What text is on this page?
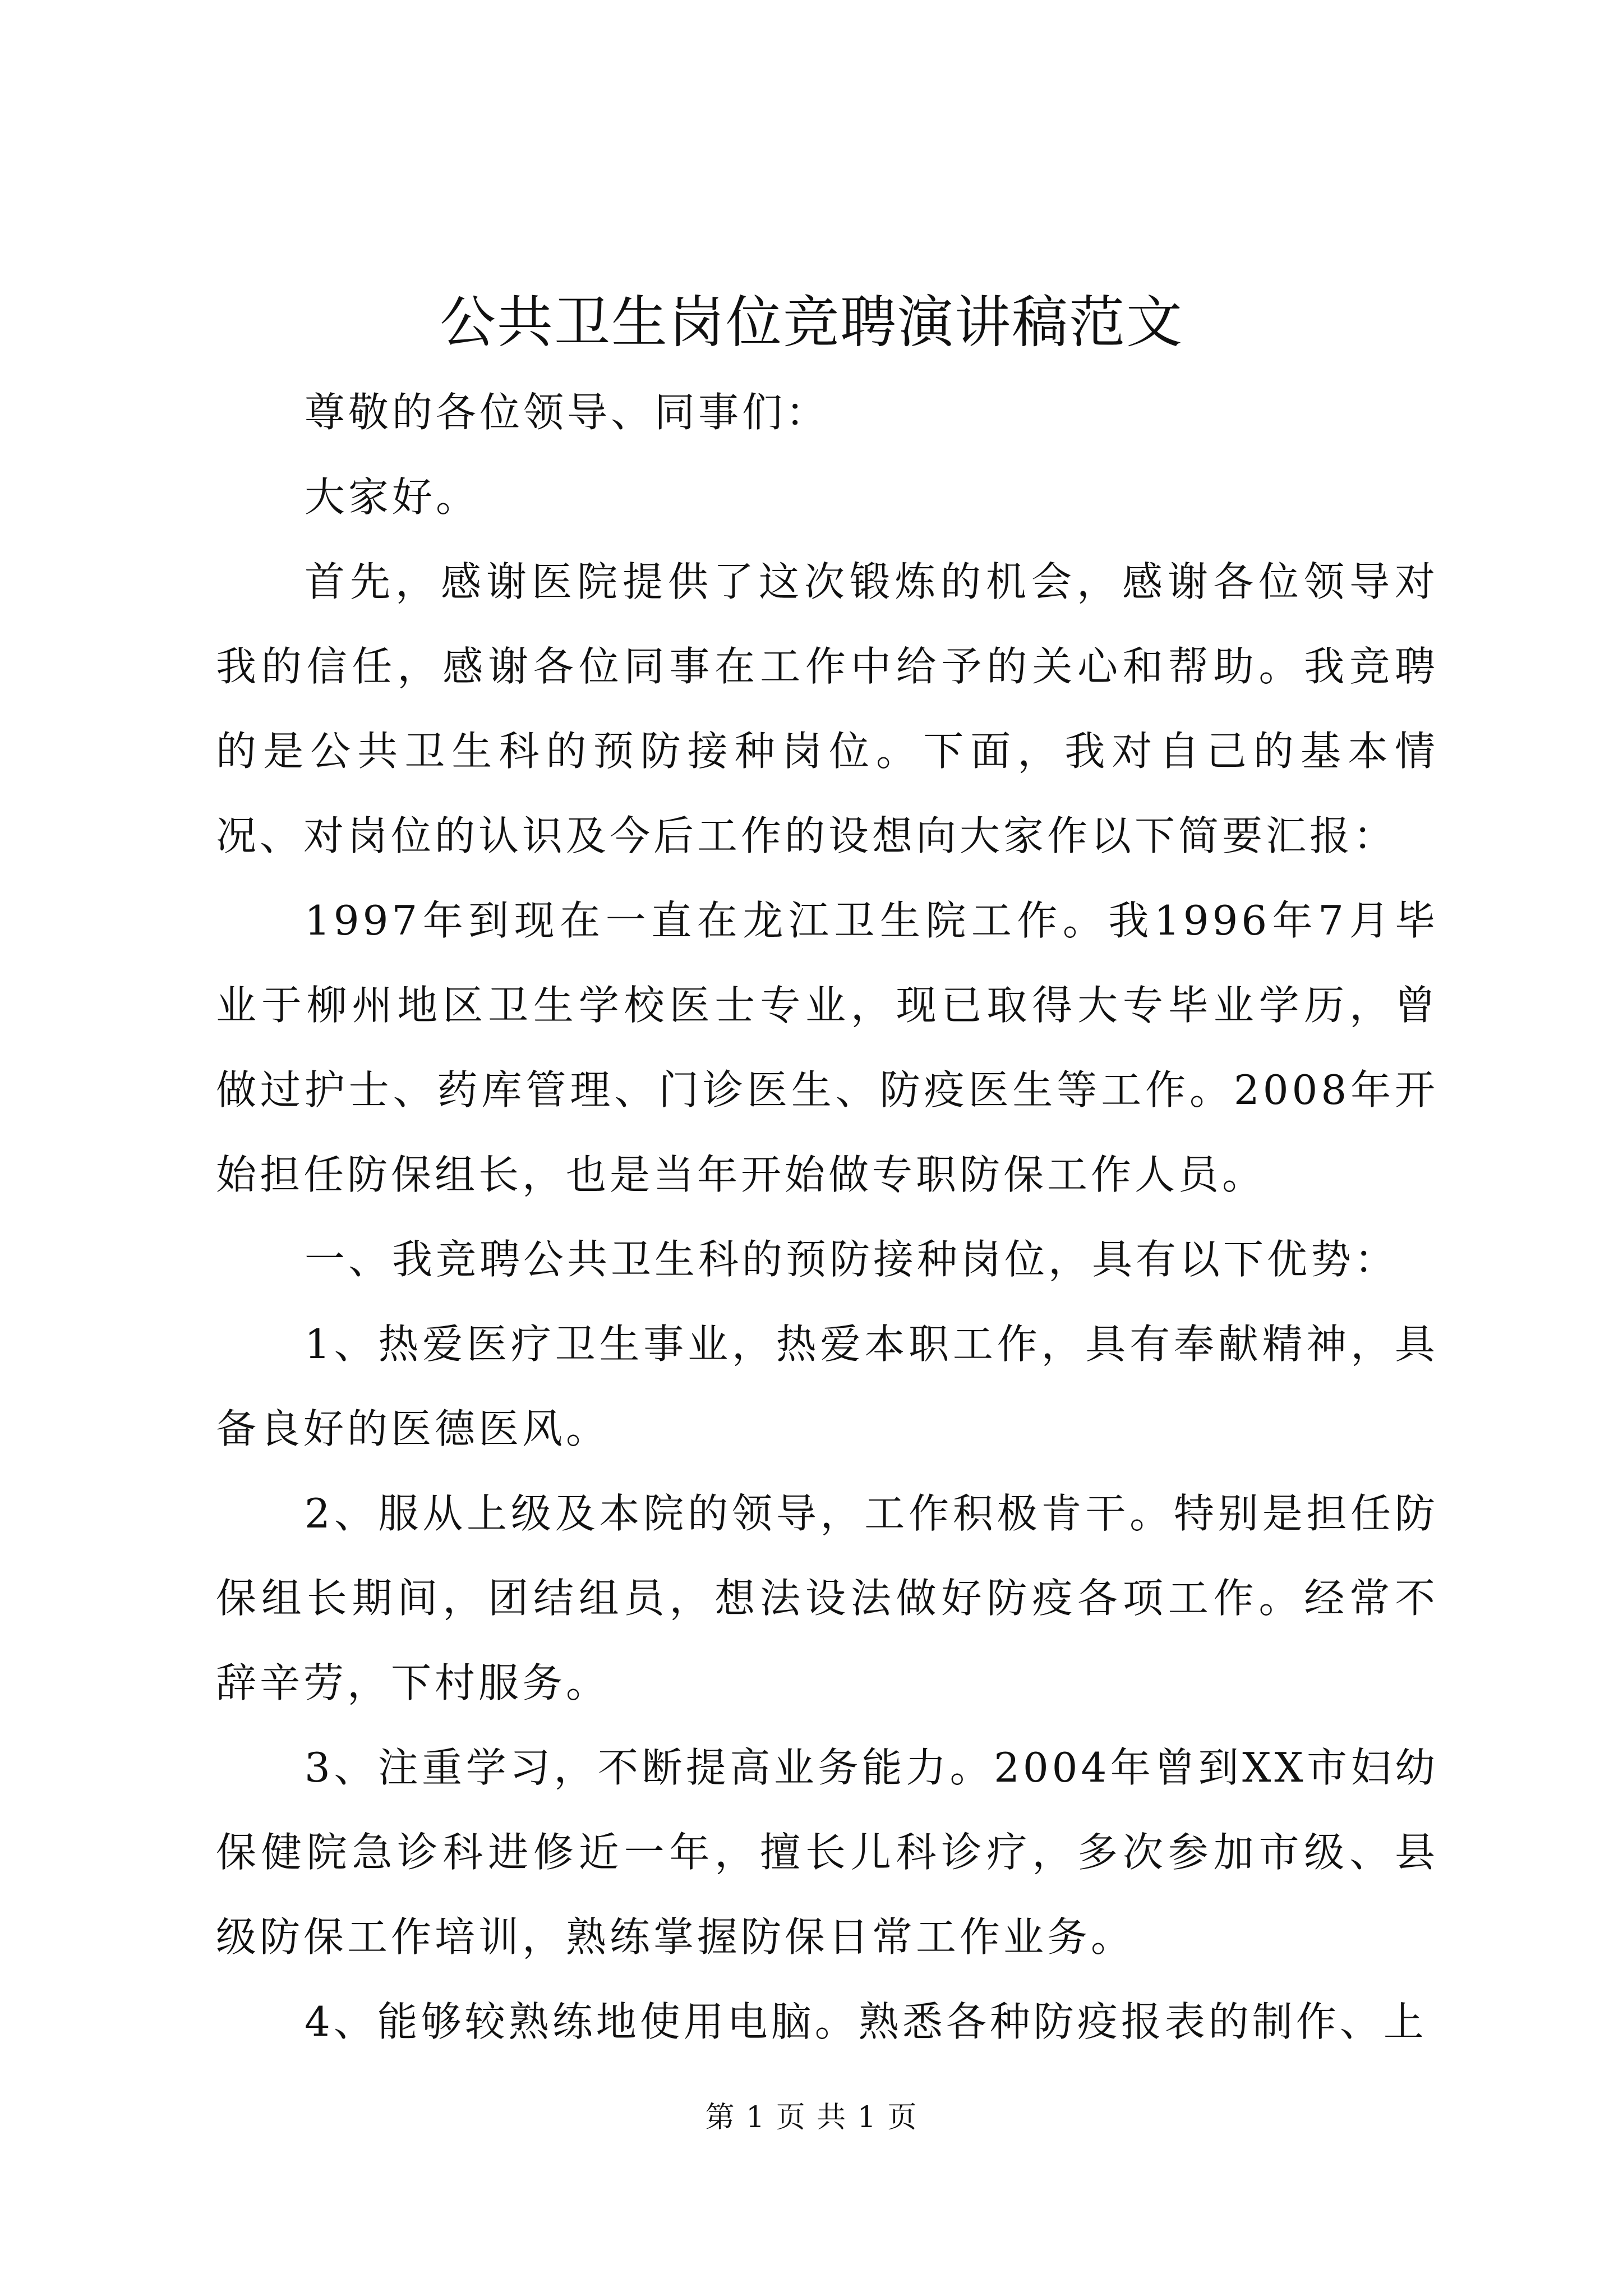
公共卫生岗位竞聘演讲稿范文

尊敬的各位领导、同事们：

大家好。

首先，感谢医院提供了这次锻炼的机会，感谢各位领导对我的信任，感谢各位同事在工作中给予的关心和帮助。我竞聘的是公共卫生科的预防接种岗位。下面，我对自己的基本情况、对岗位的认识及今后工作的设想向大家作以下简要汇报：

1997年到现在一直在龙江卫生院工作。我1996年7月毕业于柳州地区卫生学校医士专业，现已取得大专毕业学历，曾做过护士、药库管理、门诊医生、防疫医生等工作。2008年开始担任防保组长，也是当年开始做专职防保工作人员。

一、我竞聘公共卫生科的预防接种岗位，具有以下优势：

1、热爱医疗卫生事业，热爱本职工作，具有奉献精神，具备良好的医德医风。

2、服从上级及本院的领导，工作积极肯干。特别是担任防保组长期间，团结组员，想法设法做好防疫各项工作。经常不辞辛劳，下村服务。

3、注重学习，不断提高业务能力。2004年曾到XX市妇幼保健院急诊科进修近一年，擅长儿科诊疗，多次参加市级、县级防保工作培训，熟练掌握防保日常工作业务。

4、能够较熟练地使用电脑。熟悉各种防疫报表的制作、上

第 1 页 共 1 页
